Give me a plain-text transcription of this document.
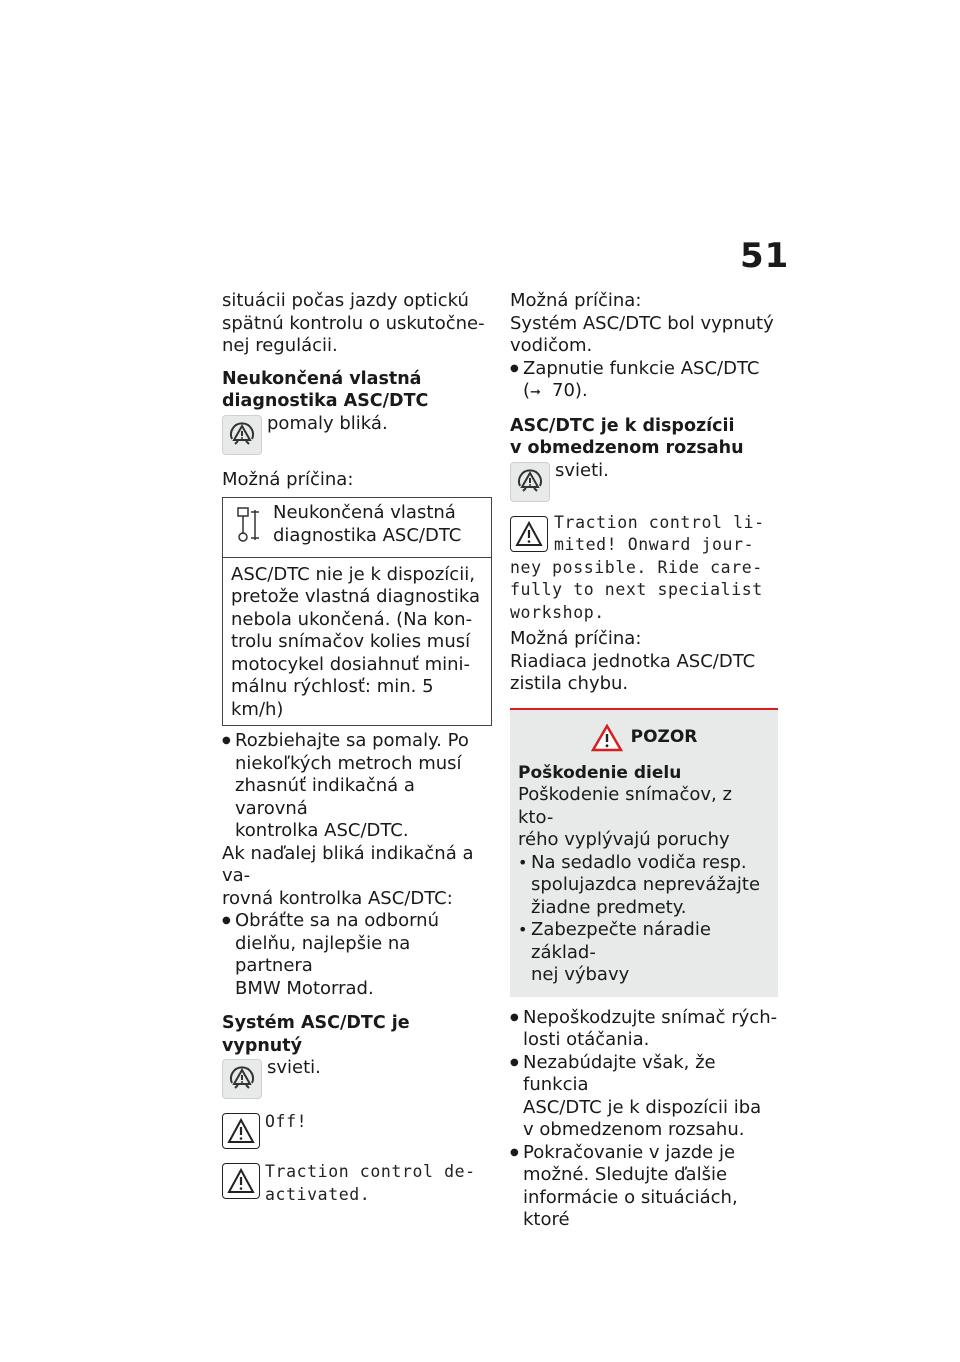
51

situácii počas jazdy optickú
spätnú kontrolu o uskutočne-
nej regulácii.

Neukončená vlastná
diagnostika ASC/DTC
pomaly bliká.

Možná príčina:

Neukončená vlastná
diagnostika ASC/DTC
ASC/DTC nie je k dispozícii,
pretože vlastná diagnostika
nebola ukončená. (Na kon-
trolu snímačov kolies musí
motocykel dosiahnuť mini-
málnu rýchlosť: min. 5 km/h)
● Rozbiehajte sa pomaly. Po
niekoľkých metroch musí
zhasnúť indikačná a varovná
kontrolka ASC/DTC.

Ak naďalej bliká indikačná a va-
rovná kontrolka ASC/DTC:

● Obráťte sa na odbornú
dielňu, najlepšie na partnera
BMW Motorrad.
Systém ASC/DTC je vypnutý
svieti.
Off!
Traction control de-
activated.

Možná príčina:

Systém ASC/DTC bol vypnutý
vodičom.

● Zapnutie funkcie ASC/DTC
(➞ 70).
ASC/DTC je k dispozícii
v obmedzenom rozsahu
svieti.
Traction control li-
mited! Onward jour-
ney possible. Ride care-
fully to next specialist
workshop.

Možná príčina:

Riadiaca jednotka ASC/DTC
zistila chybu.

POZOR
Poškodenie dielu

Poškodenie snímačov, z kto-
rého vyplývajú poruchy

• Na sedadlo vodiča resp.
spolujazdca neprevážajte
žiadne predmety.
• Zabezpečte náradie základ-
nej výbavy
● Nepoškodzujte snímač rých-
losti otáčania.
● Nezabúdajte však, že funkcia
ASC/DTC je k dispozícii iba
v obmedzenom rozsahu.
● Pokračovanie v jazde je
možné. Sledujte ďalšie
informácie o situáciách, ktoré
